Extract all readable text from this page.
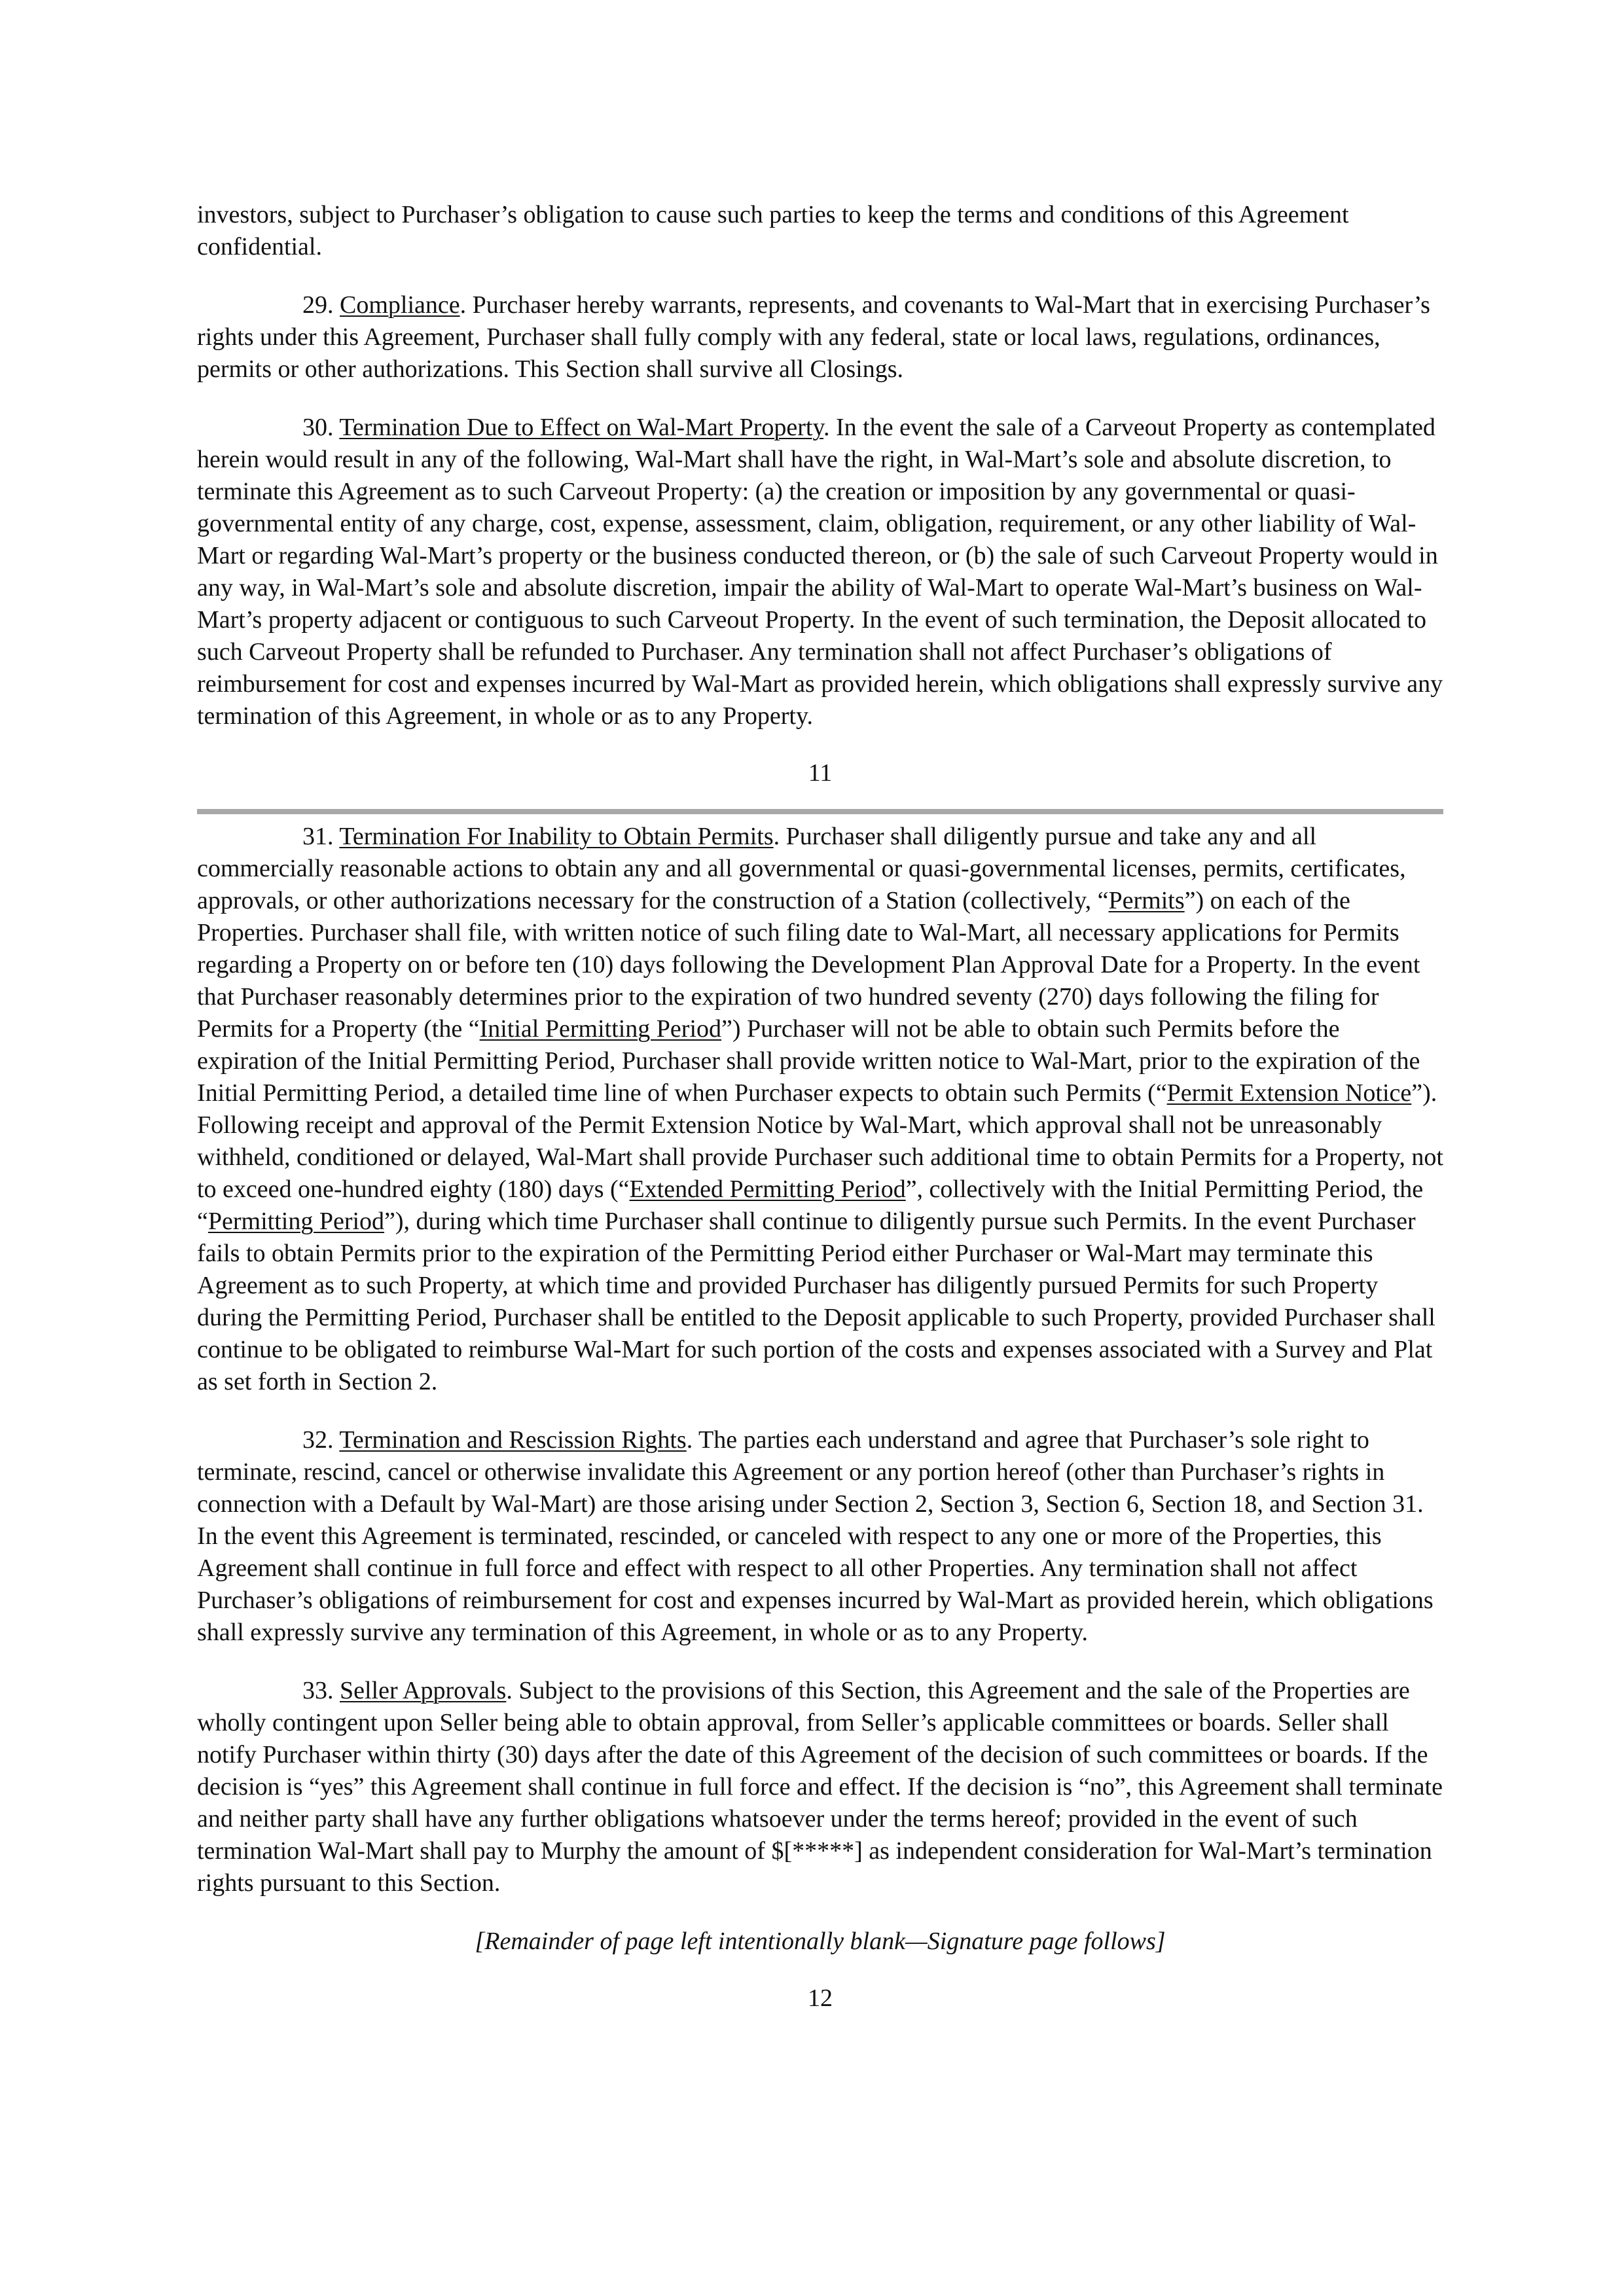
investors, subject to Purchaser’s obligation to cause such parties to keep the terms and conditions of this Agreement confidential.

29. Compliance. Purchaser hereby warrants, represents, and covenants to Wal-Mart that in exercising Purchaser’s rights under this Agreement, Purchaser shall fully comply with any federal, state or local laws, regulations, ordinances, permits or other authorizations. This Section shall survive all Closings.

30. Termination Due to Effect on Wal-Mart Property. In the event the sale of a Carveout Property as contemplated herein would result in any of the following, Wal-Mart shall have the right, in Wal-Mart’s sole and absolute discretion, to terminate this Agreement as to such Carveout Property: (a) the creation or imposition by any governmental or quasi-governmental entity of any charge, cost, expense, assessment, claim, obligation, requirement, or any other liability of Wal-Mart or regarding Wal-Mart’s property or the business conducted thereon, or (b) the sale of such Carveout Property would in any way, in Wal-Mart’s sole and absolute discretion, impair the ability of Wal-Mart to operate Wal-Mart’s business on Wal-Mart’s property adjacent or contiguous to such Carveout Property. In the event of such termination, the Deposit allocated to such Carveout Property shall be refunded to Purchaser. Any termination shall not affect Purchaser’s obligations of reimbursement for cost and expenses incurred by Wal-Mart as provided herein, which obligations shall expressly survive any termination of this Agreement, in whole or as to any Property.

11

31. Termination For Inability to Obtain Permits. Purchaser shall diligently pursue and take any and all commercially reasonable actions to obtain any and all governmental or quasi-governmental licenses, permits, certificates, approvals, or other authorizations necessary for the construction of a Station (collectively, “Permits”) on each of the Properties. Purchaser shall file, with written notice of such filing date to Wal-Mart, all necessary applications for Permits regarding a Property on or before ten (10) days following the Development Plan Approval Date for a Property. In the event that Purchaser reasonably determines prior to the expiration of two hundred seventy (270) days following the filing for Permits for a Property (the “Initial Permitting Period”) Purchaser will not be able to obtain such Permits before the expiration of the Initial Permitting Period, Purchaser shall provide written notice to Wal-Mart, prior to the expiration of the Initial Permitting Period, a detailed time line of when Purchaser expects to obtain such Permits (“Permit Extension Notice”). Following receipt and approval of the Permit Extension Notice by Wal-Mart, which approval shall not be unreasonably withheld, conditioned or delayed, Wal-Mart shall provide Purchaser such additional time to obtain Permits for a Property, not to exceed one-hundred eighty (180) days (“Extended Permitting Period”, collectively with the Initial Permitting Period, the “Permitting Period”), during which time Purchaser shall continue to diligently pursue such Permits. In the event Purchaser fails to obtain Permits prior to the expiration of the Permitting Period either Purchaser or Wal-Mart may terminate this Agreement as to such Property, at which time and provided Purchaser has diligently pursued Permits for such Property during the Permitting Period, Purchaser shall be entitled to the Deposit applicable to such Property, provided Purchaser shall continue to be obligated to reimburse Wal-Mart for such portion of the costs and expenses associated with a Survey and Plat as set forth in Section 2.

32. Termination and Rescission Rights. The parties each understand and agree that Purchaser’s sole right to terminate, rescind, cancel or otherwise invalidate this Agreement or any portion hereof (other than Purchaser’s rights in connection with a Default by Wal-Mart) are those arising under Section 2, Section 3, Section 6, Section 18, and Section 31. In the event this Agreement is terminated, rescinded, or canceled with respect to any one or more of the Properties, this Agreement shall continue in full force and effect with respect to all other Properties. Any termination shall not affect Purchaser’s obligations of reimbursement for cost and expenses incurred by Wal-Mart as provided herein, which obligations shall expressly survive any termination of this Agreement, in whole or as to any Property.

33. Seller Approvals. Subject to the provisions of this Section, this Agreement and the sale of the Properties are wholly contingent upon Seller being able to obtain approval, from Seller’s applicable committees or boards. Seller shall notify Purchaser within thirty (30) days after the date of this Agreement of the decision of such committees or boards. If the decision is “yes” this Agreement shall continue in full force and effect. If the decision is “no”, this Agreement shall terminate and neither party shall have any further obligations whatsoever under the terms hereof; provided in the event of such termination Wal-Mart shall pay to Murphy the amount of $[*****] as independent consideration for Wal-Mart’s termination rights pursuant to this Section.

[Remainder of page left intentionally blank—Signature page follows]

12
